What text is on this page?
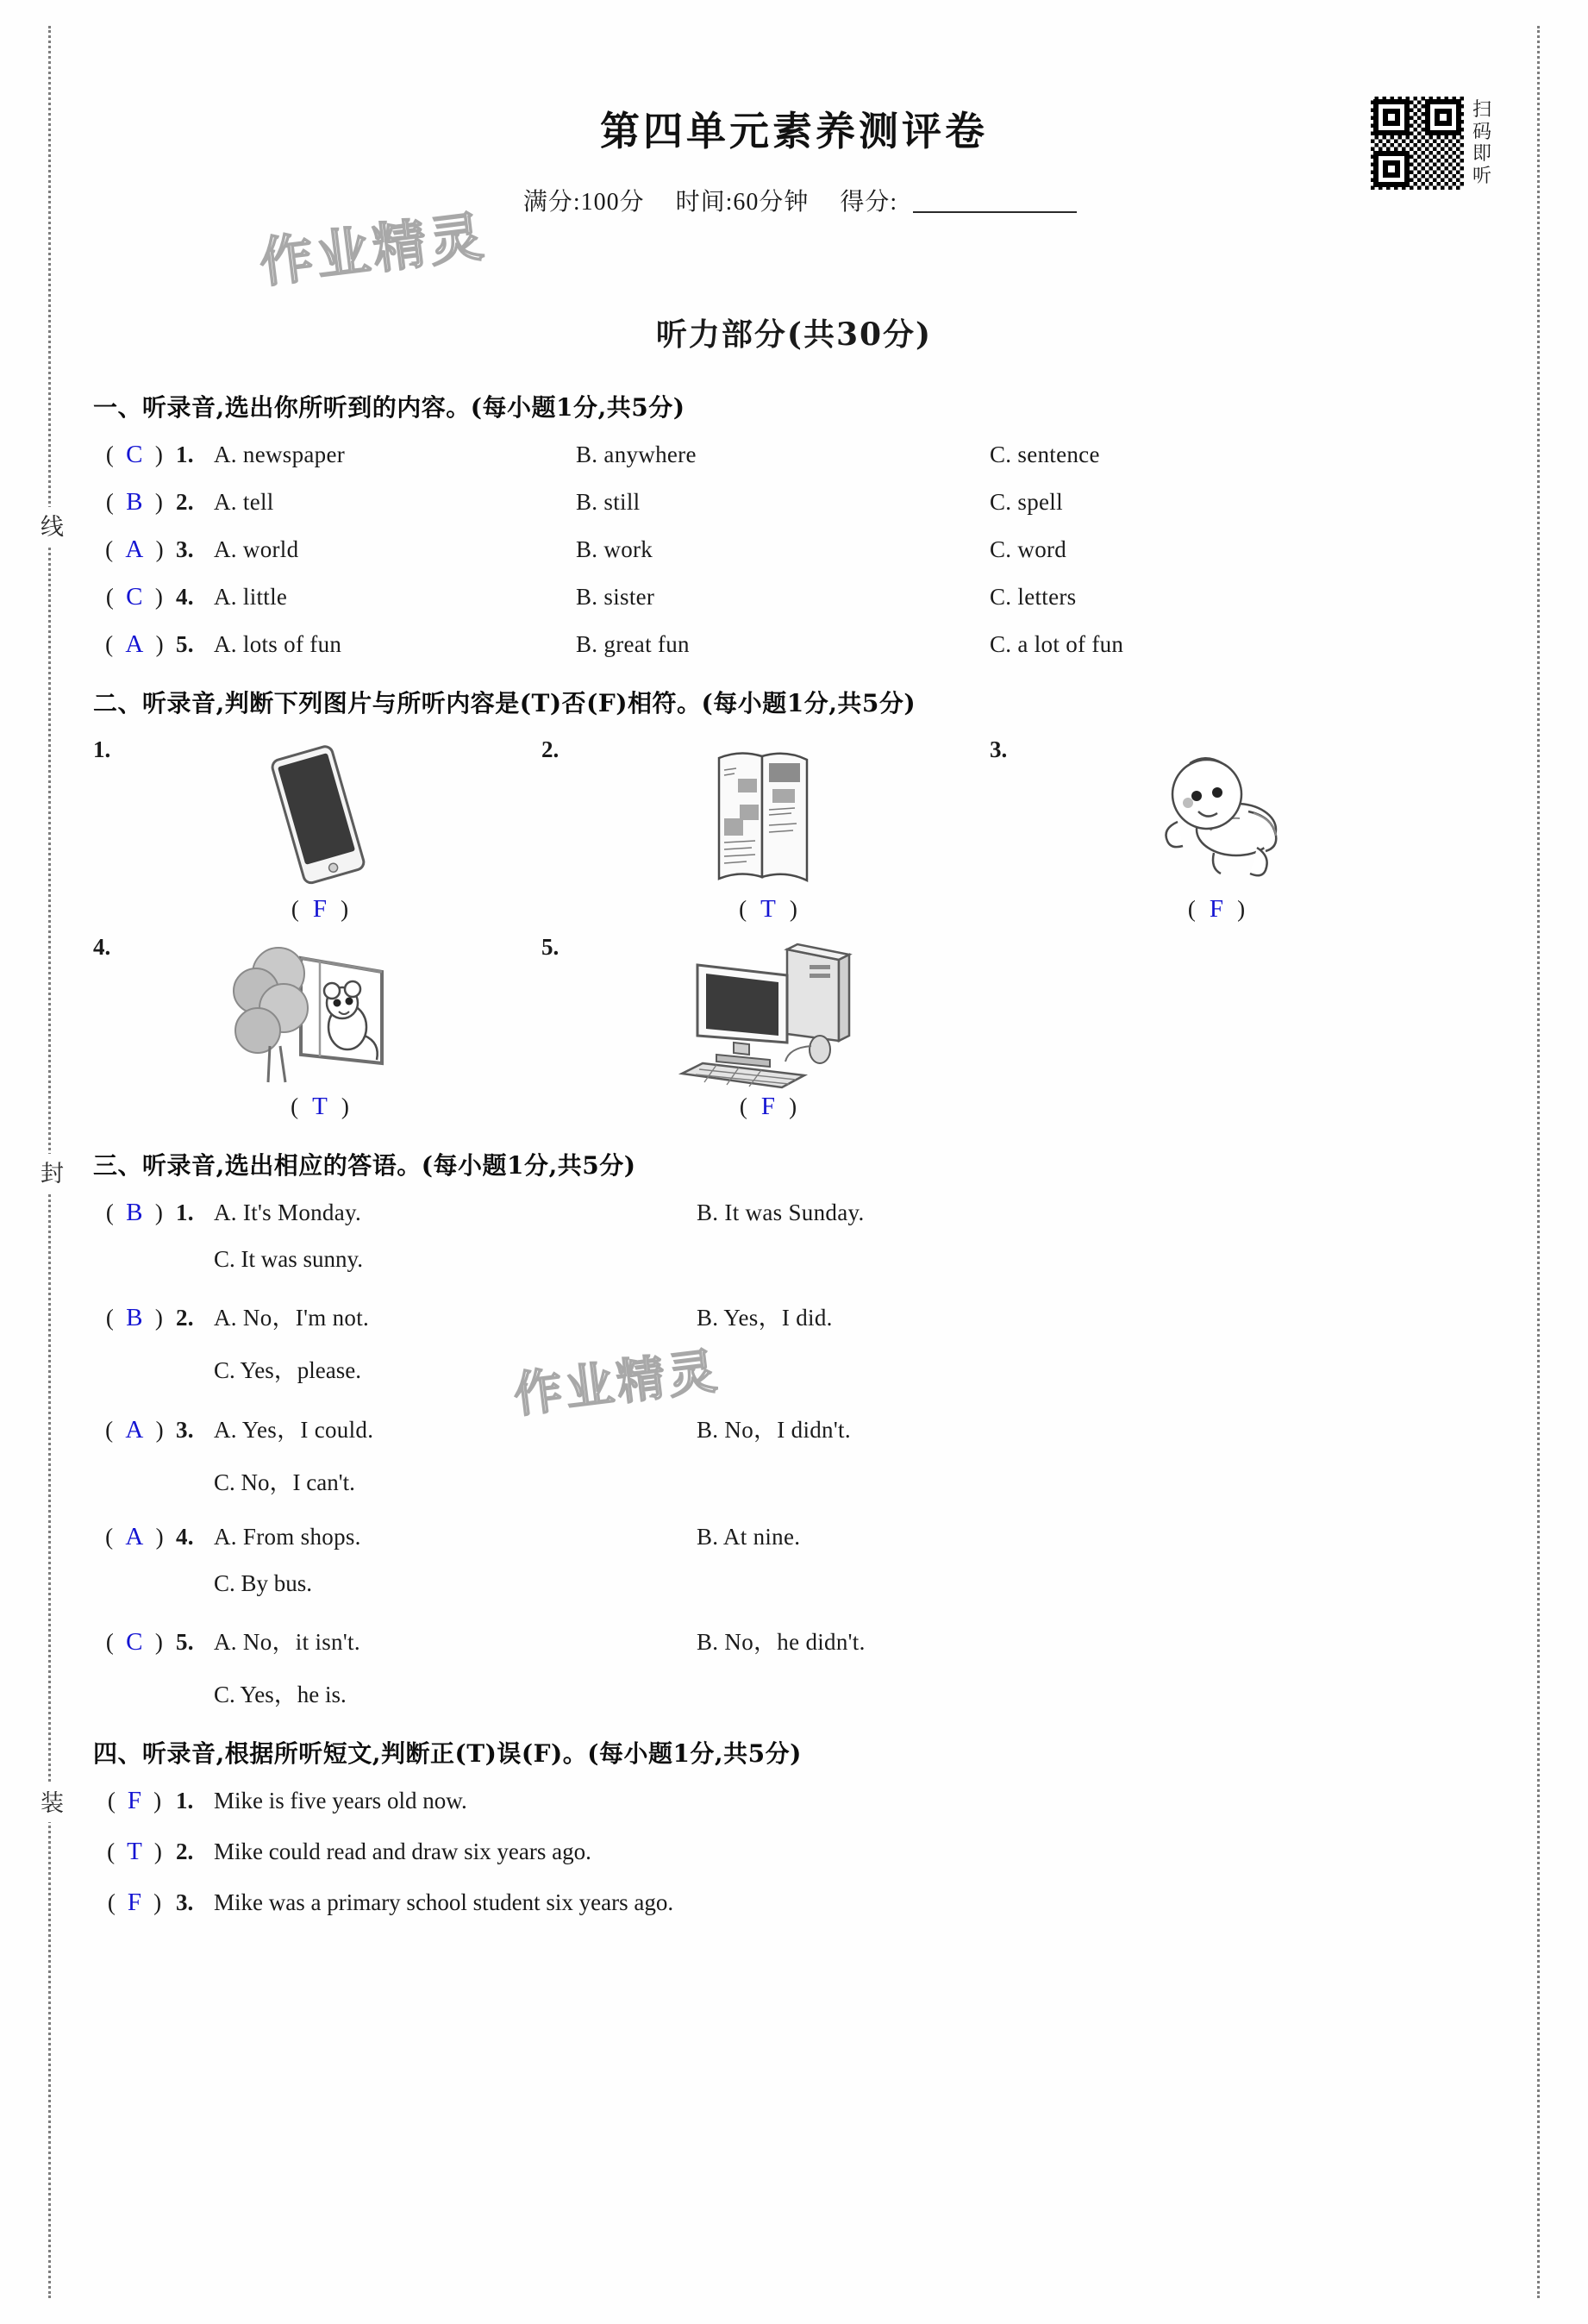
线
封
装
扫码即听
第四单元素养测评卷
满分:100分 时间:60分钟 得分:
听力部分(共30分)
一、听录音,选出你所听到的内容。(每小题1分,共5分)
( C ) 1. A. newspaper	B. anywhere	C. sentence
( B ) 2. A. tell	B. still	C. spell
( A ) 3. A. world	B. work	C. word
( C ) 4. A. little	B. sister	C. letters
( A ) 5. A. lots of fun	B. great fun	C. a lot of fun
二、听录音,判断下列图片与所听内容是(T)否(F)相符。(每小题1分,共5分)
1.
( F )
2.
( T )
3.
( F )
4.
( T )
5.
( F )
三、听录音,选出相应的答语。(每小题1分,共5分)
( B ) 1. A. It's Monday.	B. It was Sunday.
C. It was sunny.
( B ) 2. A. No，I'm not.	B. Yes，I did.
C. Yes，please.
( A ) 3. A. Yes，I could.	B. No，I didn't.
C. No，I can't.
( A ) 4. A. From shops.	B. At nine.
C. By bus.
( C ) 5. A. No，it isn't.	B. No，he didn't.
C. Yes，he is.
四、听录音,根据所听短文,判断正(T)误(F)。(每小题1分,共5分)
( F ) 1. Mike is five years old now.
( T ) 2. Mike could read and draw six years ago.
( F ) 3. Mike was a primary school student six years ago.
作业精灵
作业精灵
